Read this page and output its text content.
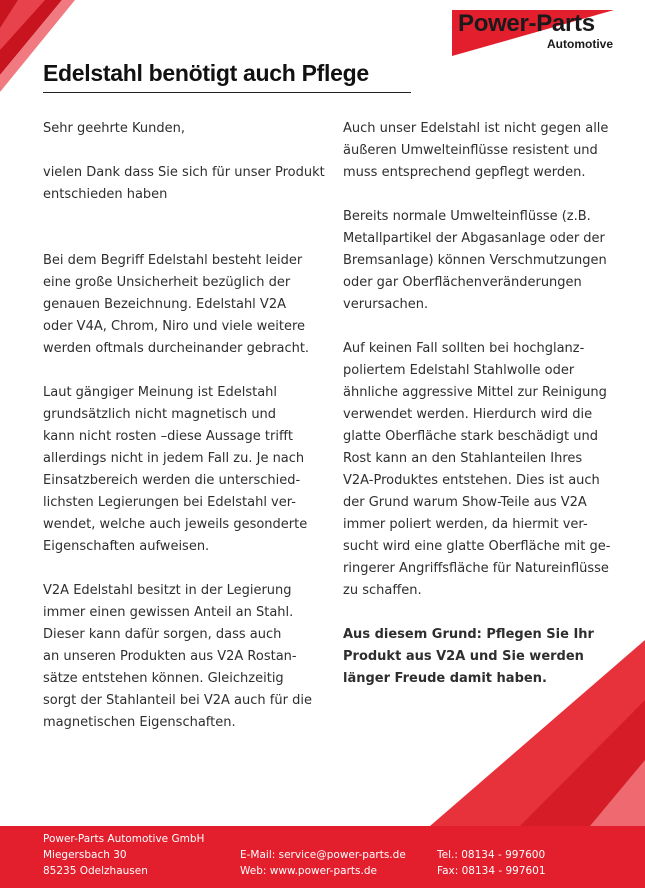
Power-Parts
Automotive
Edelstahl benötigt auch Pflege
Sehr geehrte Kunden,
vielen Dank dass Sie sich für unser Produkt
entschieden haben
Bei dem Begriff Edelstahl besteht leider
eine große Unsicherheit bezüglich der
genauen Bezeichnung. Edelstahl V2A
oder V4A, Chrom, Niro und viele weitere
werden oftmals durcheinander gebracht.
Laut gängiger Meinung ist Edelstahl
grundsätzlich nicht magnetisch und
kann nicht rosten –diese Aussage trifft
allerdings nicht in jedem Fall zu. Je nach
Einsatzbereich werden die unterschied-
lichsten Legierungen bei Edelstahl ver-
wendet, welche auch jeweils gesonderte
Eigenschaften aufweisen.
V2A Edelstahl besitzt in der Legierung
immer einen gewissen Anteil an Stahl.
Dieser kann dafür sorgen, dass auch
an unseren Produkten aus V2A Rostan-
sätze entstehen können. Gleichzeitig
sorgt der Stahlanteil bei V2A auch für die
magnetischen Eigenschaften.
Auch unser Edelstahl ist nicht gegen alle
äußeren Umwelteinflüsse resistent und
muss entsprechend gepflegt werden.
Bereits normale Umwelteinflüsse (z.B.
Metallpartikel der Abgasanlage oder der
Bremsanlage) können Verschmutzungen
oder gar Oberflächenveränderungen
verursachen.
Auf keinen Fall sollten bei hochglanz-
poliertem Edelstahl Stahlwolle oder
ähnliche aggressive Mittel zur Reinigung
verwendet werden. Hierdurch wird die
glatte Oberfläche stark beschädigt und
Rost kann an den Stahlanteilen Ihres
V2A-Produktes entstehen. Dies ist auch
der Grund warum Show-Teile aus V2A
immer poliert werden, da hiermit ver-
sucht wird eine glatte Oberfläche mit ge-
ringerer Angriffsfläche für Natureinflüsse
zu schaffen.
Aus diesem Grund: Pflegen Sie Ihr
Produkt aus V2A und Sie werden
länger Freude damit haben.
Power-Parts Automotive GmbH
Miegersbach 30
85235 Odelzhausen
E-Mail: service@power-parts.de
Web: www.power-parts.de
Tel.: 08134 - 997600
Fax: 08134 - 997601
